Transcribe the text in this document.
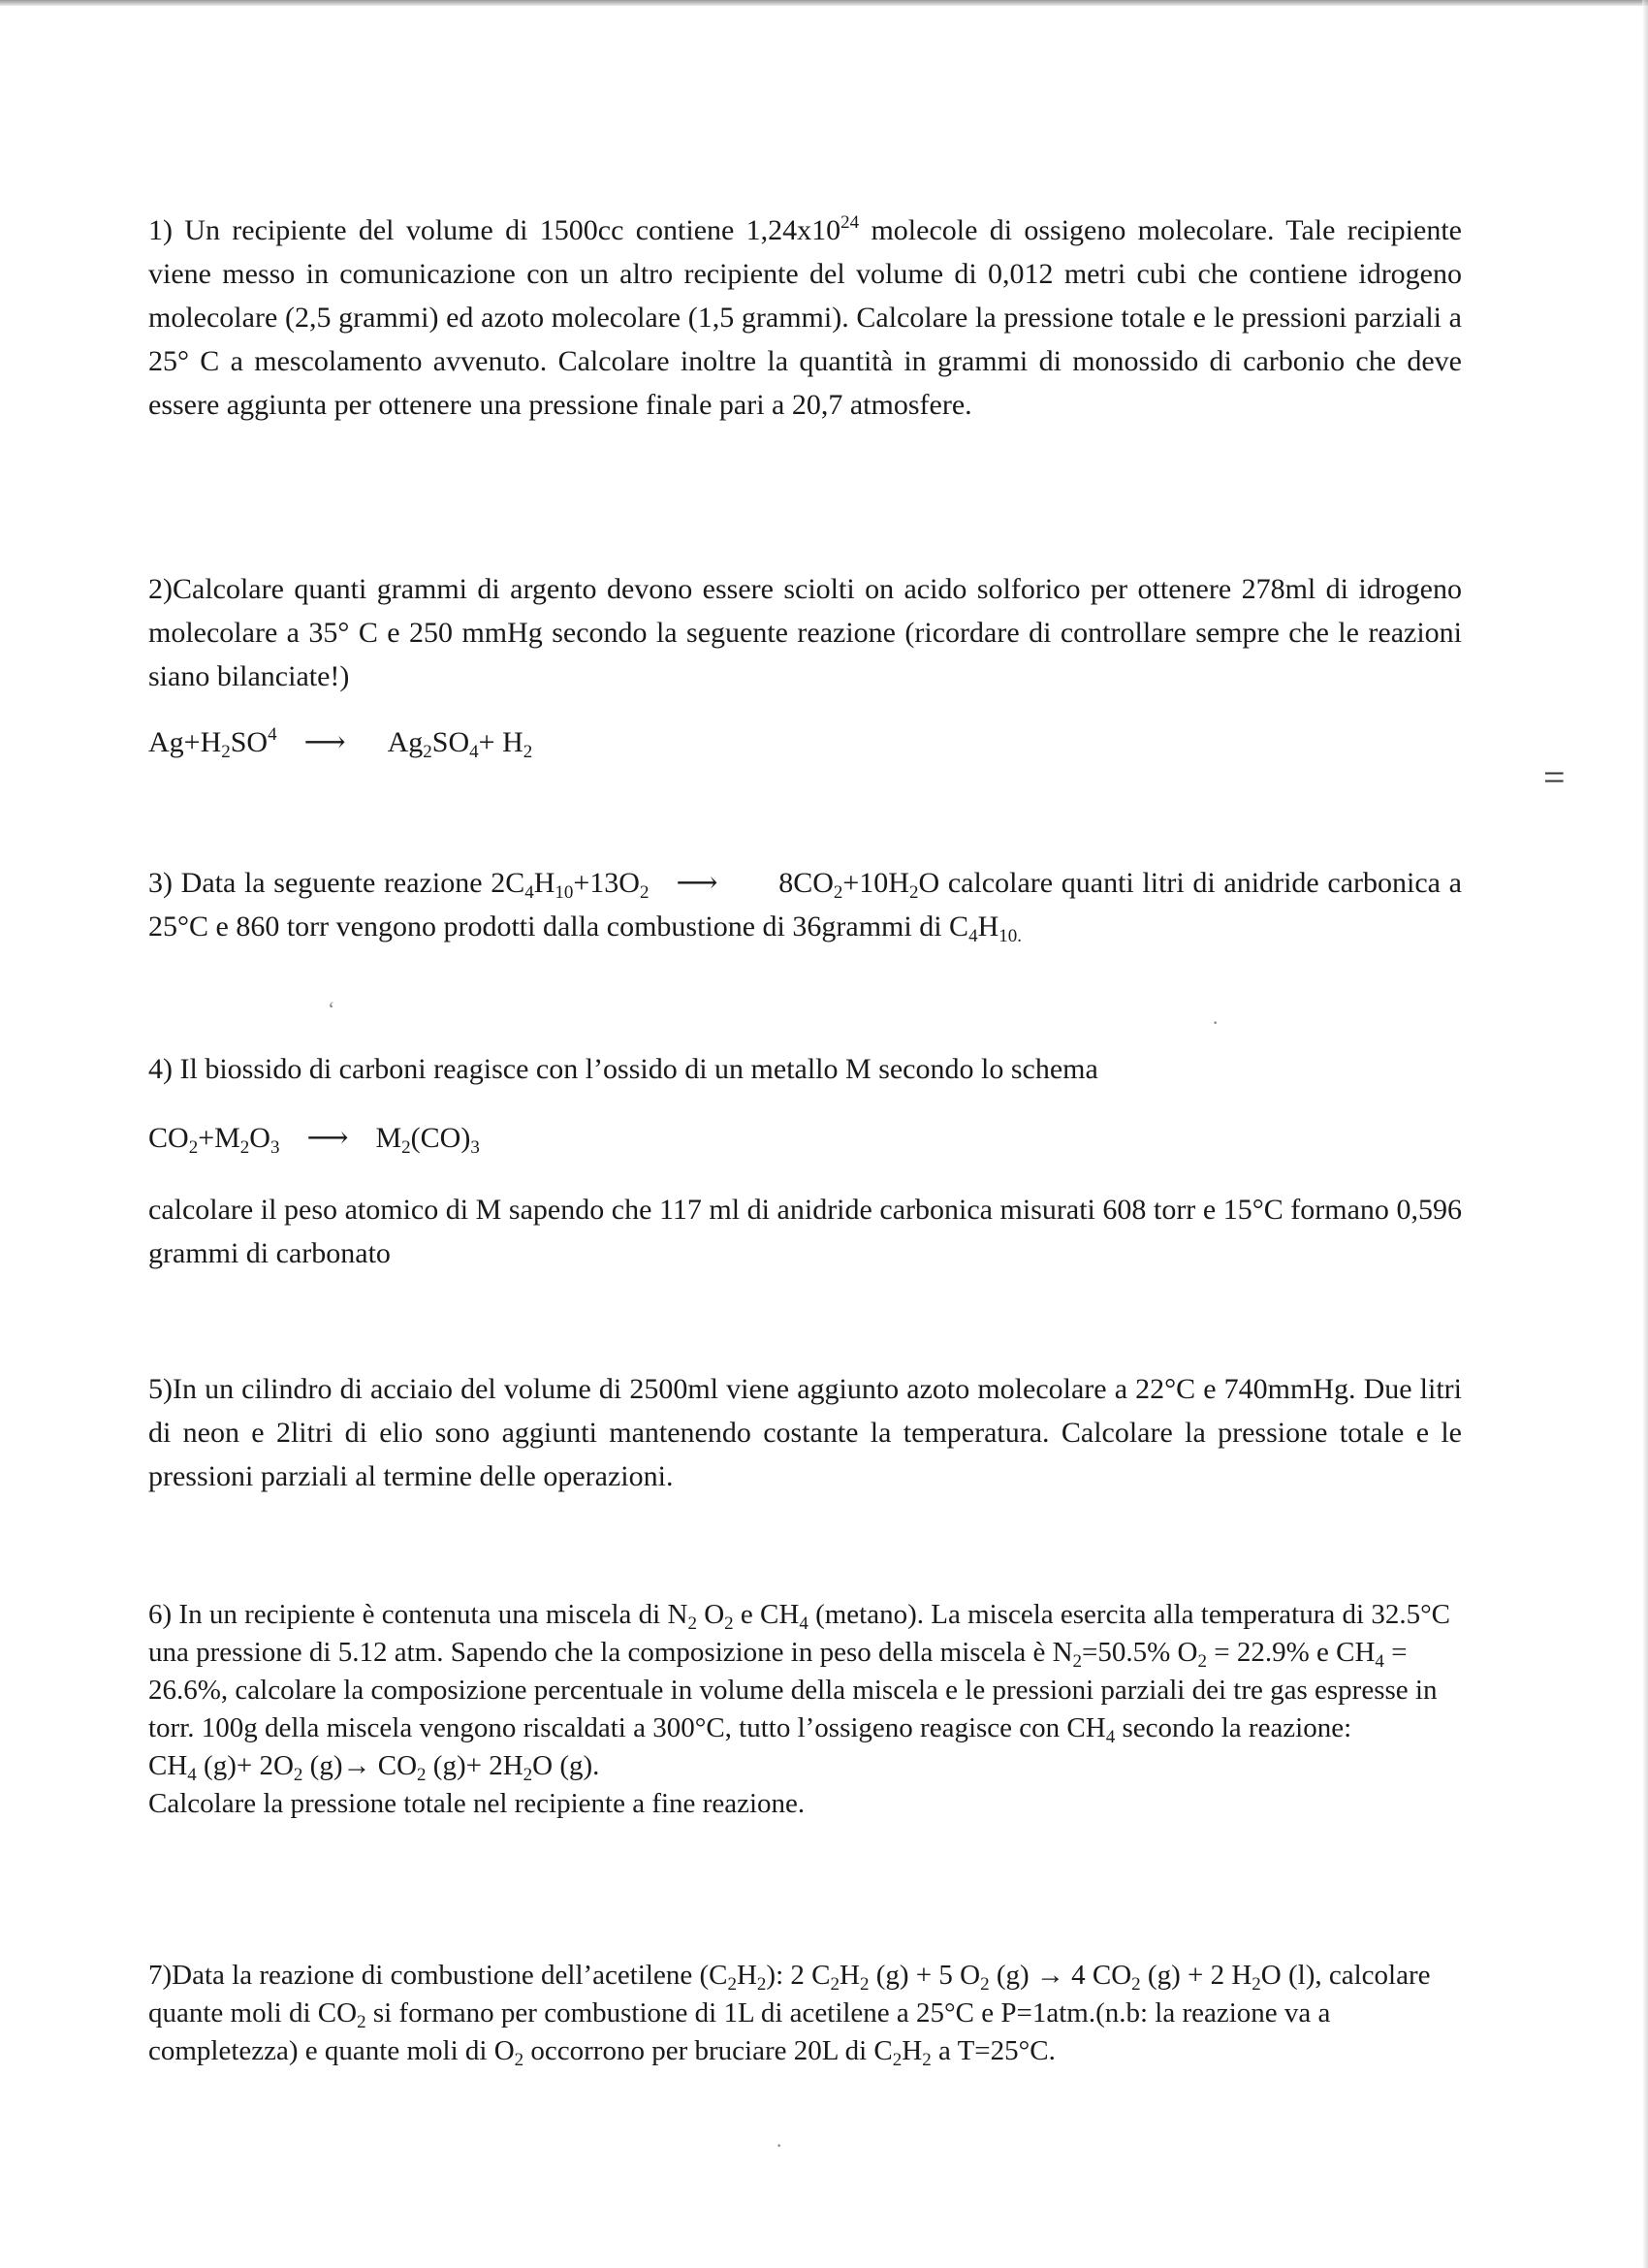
=

1) Un recipiente del volume di 1500cc contiene $1,24x10^{24}$ molecole di ossigeno molecolare. Tale recipiente viene messo in comunicazione con un altro recipiente del volume di 0,012 metri cubi che contiene idrogeno molecolare (2,5 grammi) ed azoto molecolare (1,5 grammi). Calcolare la pressione totale e le pressioni parziali a 25° C a mescolamento avvenuto. Calcolare inoltre la quantità in grammi di monossido di carbonio che deve essere aggiunta per ottenere una pressione finale pari a 20,7 atmosfere.

2)Calcolare quanti grammi di argento devono essere sciolti on acido solforico per ottenere 278ml di idrogeno molecolare a 35° C e 250 mmHg secondo la seguente reazione (ricordare di controllare sempre che le reazioni siano bilanciate!)

$Ag+H_2SO^4$ ⟶  $Ag_2SO_4+ H_2$

3) Data la seguente reazione $2C_4H_{10}+13O_2$ ⟶    $8CO_2+10H_2O$ calcolare quanti litri di anidride carbonica a 25°C e 860 torr vengono prodotti dalla combustione di 36grammi di $C_4H_{10.}$

4) Il biossido di carboni reagisce con l’ossido di un metallo M secondo lo schema

$CO_2+M_2O_3$ ⟶ $M_2(CO)_3$

calcolare il peso atomico di M sapendo che 117 ml di anidride carbonica misurati 608 torr e 15°C formano 0,596 grammi di carbonato

5)In un cilindro di acciaio del volume di 2500ml viene aggiunto azoto molecolare a 22°C e 740mmHg. Due litri di neon e 2litri di elio sono aggiunti mantenendo costante la temperatura. Calcolare la pressione totale e le pressioni parziali al termine delle operazioni.

6) In un recipiente è contenuta una miscela di $N_2$ $O_2$ e $CH_4$ (metano). La miscela esercita alla temperatura di 32.5°C una pressione di 5.12 atm. Sapendo che la composizione in peso della miscela è $N_2=50.5\%$ $O_2 = 22.9\%$ e $CH_4 = 26.6\%$, calcolare la composizione percentuale in volume della miscela e le pressioni parziali dei tre gas espresse in torr. 100g della miscela vengono riscaldati a 300°C, tutto l’ossigeno reagisce con $CH_4$ secondo la reazione:
$CH_4$ $(g)+ 2O_2$ $(g)\to CO_2$ $(g)+ 2H_2O$ (g).
Calcolare la pressione totale nel recipiente a fine reazione.

7)Data la reazione di combustione dell’acetilene $(C_2H_2)$: 2 $C_2H_2$ (g) + 5 $O_2$ (g) → 4 $CO_2$ (g) + 2 $H_2O$ (l), calcolare quante moli di $CO_2$ si formano per combustione di 1L di acetilene a 25°C e P=1atm.(n.b: la reazione va a completezza) e quante moli di $O_2$ occorrono per bruciare 20L di $C_2H_2$ a T=25°C.

‘
·
·
